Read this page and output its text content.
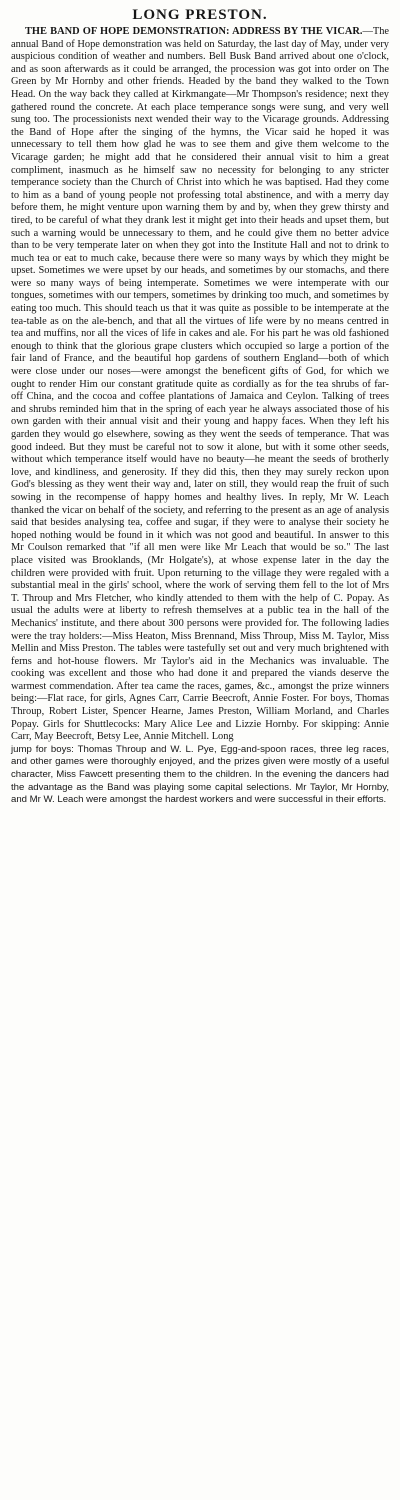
LONG PRESTON.

THE BAND OF HOPE DEMONSTRATION: ADDRESS BY THE VICAR.—The annual Band of Hope demonstration was held on Saturday, the last day of May, under very auspicious condition of weather and numbers. Bell Busk Band arrived about one o'clock, and as soon afterwards as it could be arranged, the procession was got into order on The Green by Mr Hornby and other friends. Headed by the band they walked to the Town Head. On the way back they called at Kirkmangate—Mr Thompson's residence; next they gathered round the concrete. At each place temperance songs were sung, and very well sung too. The processionists next wended their way to the Vicarage grounds. Addressing the Band of Hope after the singing of the hymns, the Vicar said he hoped it was unnecessary to tell them how glad he was to see them and give them welcome to the Vicarage garden; he might add that he considered their annual visit to him a great compliment, inasmuch as he himself saw no necessity for belonging to any stricter temperance society than the Church of Christ into which he was baptised. Had they come to him as a band of young people not professing total abstinence, and with a merry day before them, he might venture upon warning them by and by, when they grew thirsty and tired, to be careful of what they drank lest it might get into their heads and upset them, but such a warning would be unnecessary to them, and he could give them no better advice than to be very temperate later on when they got into the Institute Hall and not to drink to much tea or eat to much cake, because there were so many ways by which they might be upset. Sometimes we were upset by our heads, and sometimes by our stomachs, and there were so many ways of being intemperate. Sometimes we were intemperate with our tongues, sometimes with our tempers, sometimes by drinking too much, and sometimes by eating too much. This should teach us that it was quite as possible to be intemperate at the tea-table as on the ale-bench, and that all the virtues of life were by no means centred in tea and muffins, nor all the vices of life in cakes and ale. For his part he was old fashioned enough to think that the glorious grape clusters which occupied so large a portion of the fair land of France, and the beautiful hop gardens of southern England—both of which were close under our noses—were amongst the beneficent gifts of God, for which we ought to render Him our constant gratitude quite as cordially as for the tea shrubs of far-off China, and the cocoa and coffee plantations of Jamaica and Ceylon. Talking of trees and shrubs reminded him that in the spring of each year he always associated those of his own garden with their annual visit and their young and happy faces. When they left his garden they would go elsewhere, sowing as they went the seeds of temperance. That was good indeed. But they must be careful not to sow it alone, but with it some other seeds, without which temperance itself would have no beauty—he meant the seeds of brotherly love, and kindliness, and generosity. If they did this, then they may surely reckon upon God's blessing as they went their way and, later on still, they would reap the fruit of such sowing in the recompense of happy homes and healthy lives. In reply, Mr W. Leach thanked the vicar on behalf of the society, and referring to the present as an age of analysis said that besides analysing tea, coffee and sugar, if they were to analyse their society he hoped nothing would be found in it which was not good and beautiful. In answer to this Mr Coulson remarked that "if all men were like Mr Leach that would be so." The last place visited was Brooklands, (Mr Holgate's), at whose expense later in the day the children were provided with fruit. Upon returning to the village they were regaled with a substantial meal in the girls' school, where the work of serving them fell to the lot of Mrs T. Throup and Mrs Fletcher, who kindly attended to them with the help of C. Popay. As usual the adults were at liberty to refresh themselves at a public tea in the hall of the Mechanics' institute, and there about 300 persons were provided for. The following ladies were the tray holders:—Miss Heaton, Miss Brennand, Miss Throup, Miss M. Taylor, Miss Mellin and Miss Preston. The tables were tastefully set out and very much brightened with ferns and hot-house flowers. Mr Taylor's aid in the Mechanics was invaluable. The cooking was excellent and those who had done it and prepared the viands deserve the warmest commendation. After tea came the races, games, &c., amongst the prize winners being:—Flat race, for girls, Agnes Carr, Carrie Beecroft, Annie Foster. For boys, Thomas Throup, Robert Lister, Spencer Hearne, James Preston, William Morland, and Charles Popay. Girls for Shuttlecocks: Mary Alice Lee and Lizzie Hornby. For skipping: Annie Carr, May Beecroft, Betsy Lee, Annie Mitchell. Long

jump for boys: Thomas Throup and W. L. Pye, Egg-and-spoon races, three leg races, and other games were thoroughly enjoyed, and the prizes given were mostly of a useful character, Miss Fawcett presenting them to the children. In the evening the dancers had the advantage as the Band was playing some capital selections. Mr Taylor, Mr Hornby, and Mr W. Leach were amongst the hardest workers and were successful in their efforts.
